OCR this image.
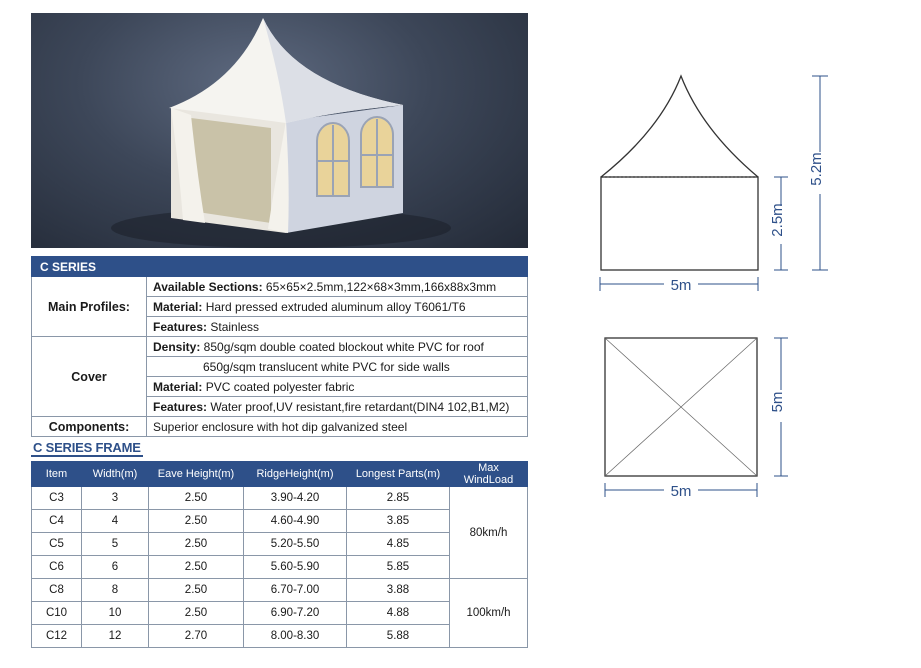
C SERIES	
Main Profiles:	Available Sections: 65×65×2.5mm,122×68×3mm,166x88x3mm
	Material: Hard pressed extruded aluminum alloy T6061/T6
	Features: Stainless
Cover	Density: 850g/sqm double coated blockout white PVC for roof
	650g/sqm translucent white PVC for side walls
	Material: PVC coated polyester fabric
	Features: Water proof,UV resistant,fire retardant(DIN4 102,B1,M2)
Components:	Superior enclosure with hot dip galvanized steel
C SERIES FRAME
Item	Width(m)	Eave Height(m)	RidgeHeight(m)	Longest Parts(m)	Max WindLoad
C3	3	2.50	3.90-4.20	2.85	80km/h
C4	4	2.50	4.60-4.90	3.85	
C5	5	2.50	5.20-5.50	4.85	
C6	6	2.50	5.60-5.90	5.85	
C8	8	2.50	6.70-7.00	3.88	100km/h
C10	10	2.50	6.90-7.20	4.88	
C12	12	2.70	8.00-8.30	5.88	
5m
2.5m
5.2m
5m
5m
